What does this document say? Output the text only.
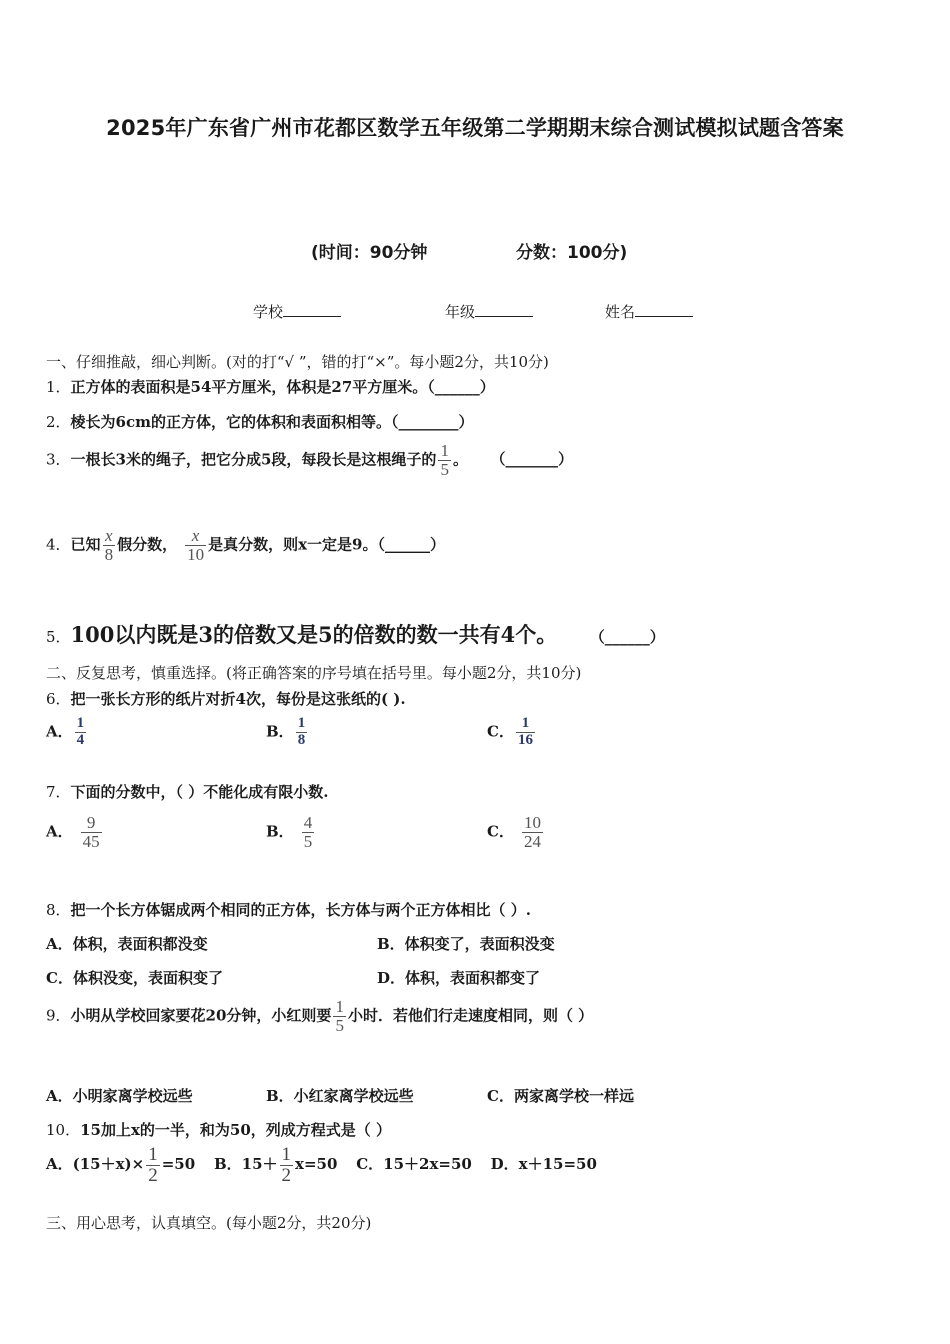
2025年广东省广州市花都区数学五年级第二学期期末综合测试模拟试题含答案
(时间：90分钟	分数：100分)
学校	年级	姓名
一、仔细推敲，细心判断。(对的打“√ ”，错的打“×”。每小题2分，共10分)
1．正方体的表面积是54平方厘米，体积是27平方厘米。（______）
2．棱长为6cm的正方体，它的体积和表面积相等。（________）
3．一根长3米的绳子，把它分成5段，每段长是这根绳子的 $\frac{1}{5}$ 。 （_______）
4．已知 $\frac{x}{8}$ 假分数， $\frac{x}{10}$ 是真分数，则x一定是9。（______）
5．100以内既是3的倍数又是5的倍数的数一共有4个。	（______）
二、反复思考，慎重选择。(将正确答案的序号填在括号里。每小题2分，共10分)
6．把一张长方形的纸片对折4次，每份是这张纸的( ).
A． $\frac{1}{4}$	B． $\frac{1}{8}$	C． $\frac{1}{16}$
7．下面的分数中，（ ）不能化成有限小数.
A． $\frac{9}{45}$	B． $\frac{4}{5}$	C． $\frac{10}{24}$
8．把一个长方体锯成两个相同的正方体，长方体与两个正方体相比（ ）.
A．体积，表面积都没变	B．体积变了，表面积没变
C．体积没变，表面积变了	D．体积，表面积都变了
9．小明从学校回家要花20分钟，小红则要 $\frac{1}{5}$ 小时．若他们行走速度相同，则（ ）
A．小明家离学校远些	B．小红家离学校远些	C．两家离学校一样远
10．15加上x的一半，和为50，列成方程式是（ ）
A．$(15+x)\times \frac{1}{2} =50$ B．$15+ \frac{1}{2} x=50$ C．15＋2x=50 D．x＋15=50
三、用心思考，认真填空。(每小题2分，共20分)
